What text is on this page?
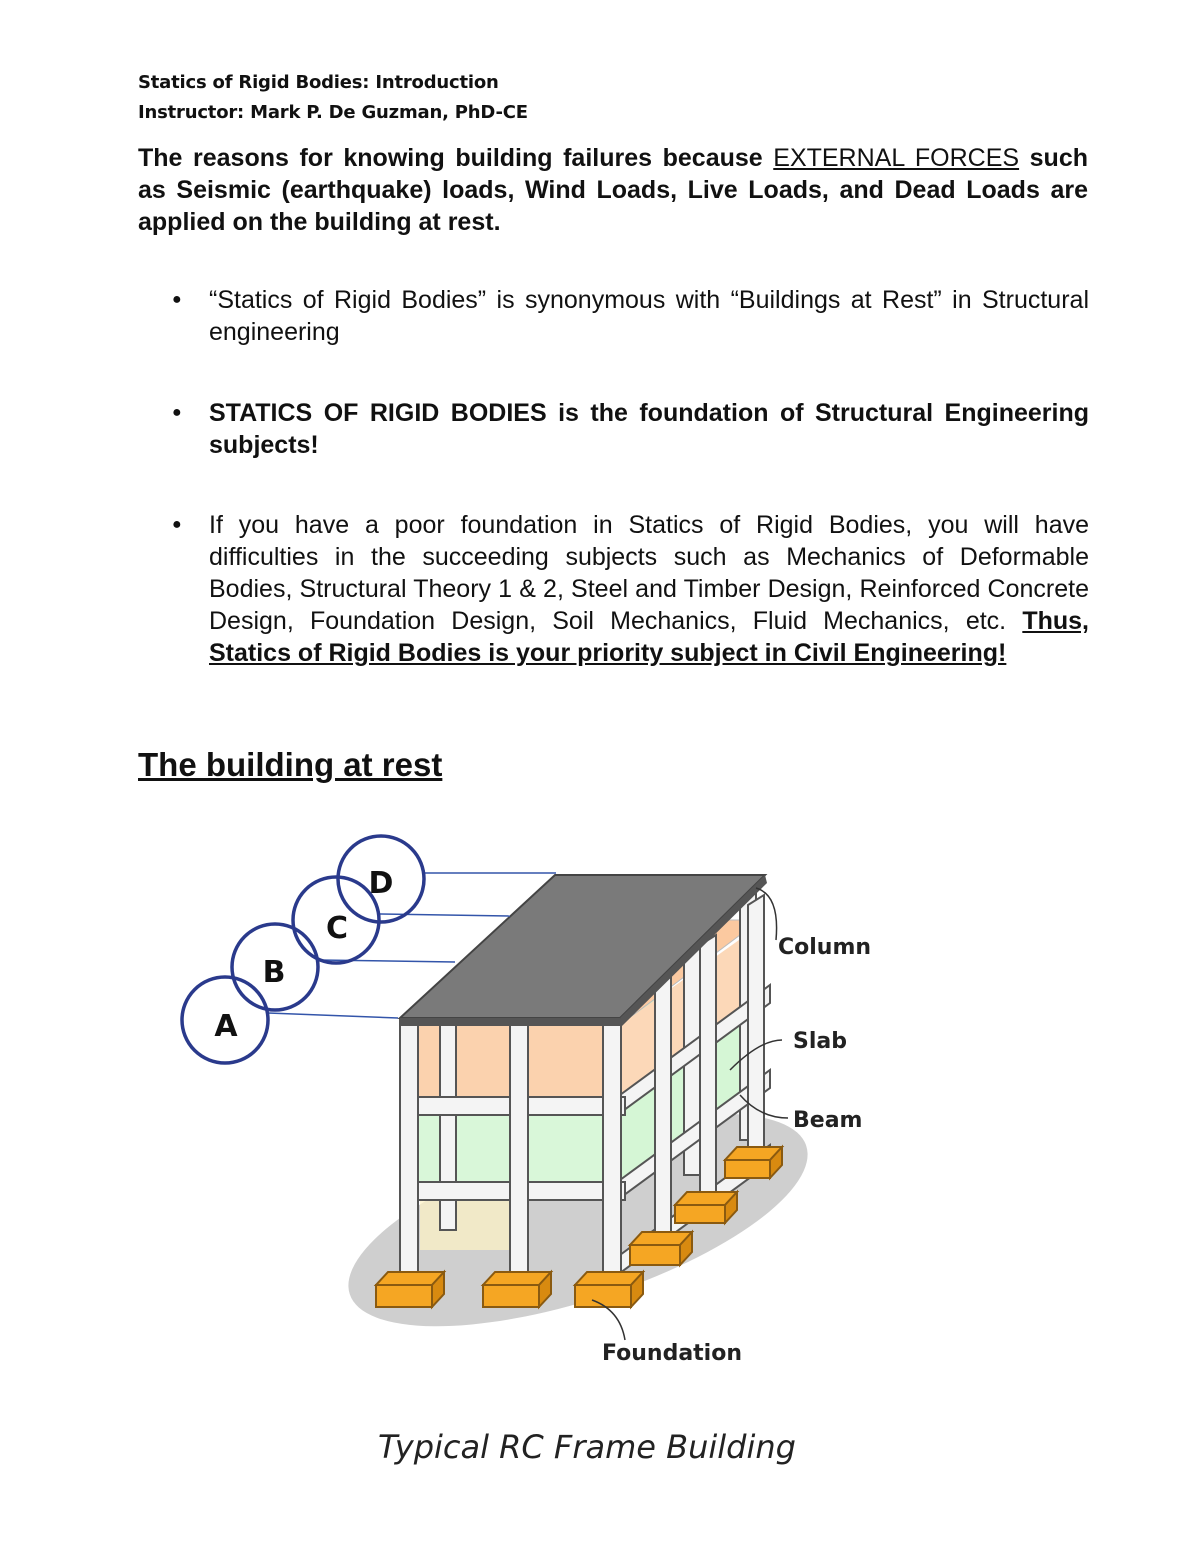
Statics of Rigid Bodies: Introduction
Instructor: Mark P. De Guzman, PhD-CE
The reasons for knowing building failures because EXTERNAL FORCES such as Seismic (earthquake) loads, Wind Loads, Live Loads, and Dead Loads are applied on the building at rest.
● “Statics of Rigid Bodies” is synonymous with “Buildings at Rest” in Structural engineering
● STATICS OF RIGID BODIES is the foundation of Structural Engineering subjects!
● If you have a poor foundation in Statics of Rigid Bodies, you will have difficulties in the succeeding subjects such as Mechanics of Deformable Bodies, Structural Theory 1 & 2, Steel and Timber Design, Reinforced Concrete Design, Foundation Design, Soil Mechanics, Fluid Mechanics, etc. Thus, Statics of Rigid Bodies is your priority subject in Civil Engineering!
The building at rest
A
B
C
D
Column
Slab
Beam
Foundation
Typical RC Frame Building
